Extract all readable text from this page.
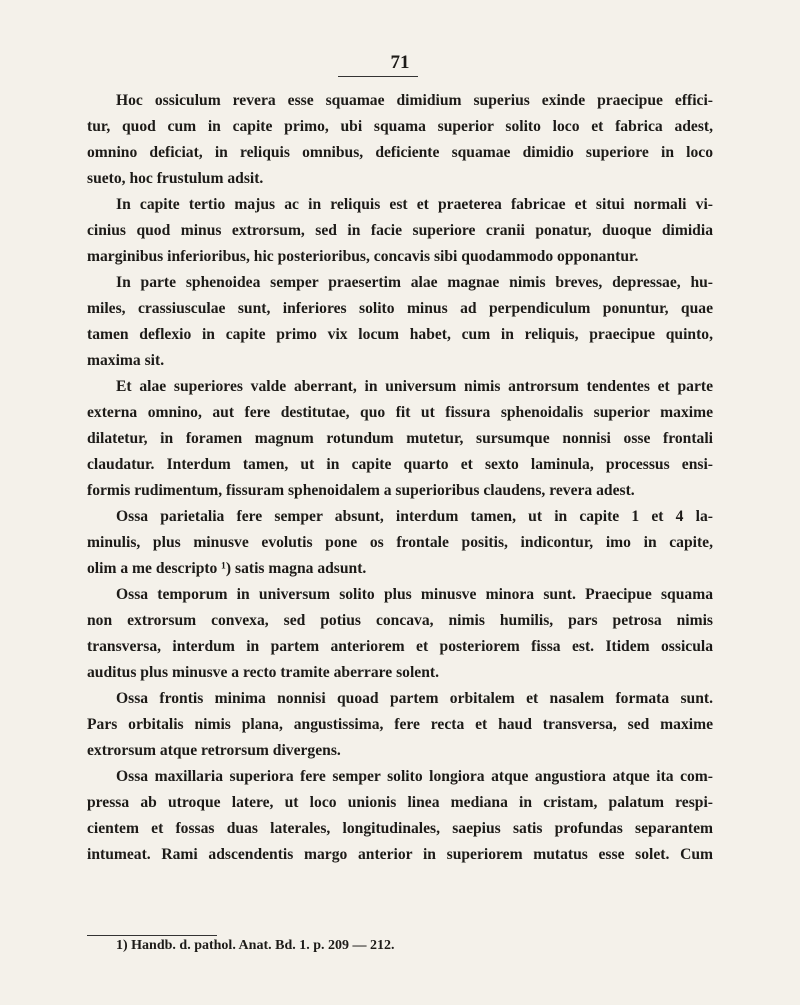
71

Hoc ossiculum revera esse squamae dimidium superius exinde praecipue effici-
tur, quod cum in capite primo, ubi squama superior solito loco et fabrica adest,
omnino deficiat, in reliquis omnibus, deficiente squamae dimidio superiore in loco
sueto, hoc frustulum adsit.

In capite tertio majus ac in reliquis est et praeterea fabricae et situi normali vi-
cinius quod minus extrorsum, sed in facie superiore cranii ponatur, duoque dimidia
marginibus inferioribus, hic posterioribus, concavis sibi quodammodo opponantur.

In parte sphenoidea semper praesertim alae magnae nimis breves, depressae, hu-
miles, crassiusculae sunt, inferiores solito minus ad perpendiculum ponuntur, quae
tamen deflexio in capite primo vix locum habet, cum in reliquis, praecipue quinto,
maxima sit.

Et alae superiores valde aberrant, in universum nimis antrorsum tendentes et parte
externa omnino, aut fere destitutae, quo fit ut fissura sphenoidalis superior maxime
dilatetur, in foramen magnum rotundum mutetur, sursumque nonnisi osse frontali
claudatur. Interdum tamen, ut in capite quarto et sexto laminula, processus ensi-
formis rudimentum, fissuram sphenoidalem a superioribus claudens, revera adest.

Ossa parietalia fere semper absunt, interdum tamen, ut in capite 1 et 4 la-
minulis, plus minusve evolutis pone os frontale positis, indicontur, imo in capite,
olim a me descripto ¹) satis magna adsunt.

Ossa temporum in universum solito plus minusve minora sunt. Praecipue squama
non extrorsum convexa, sed potius concava, nimis humilis, pars petrosa nimis
transversa, interdum in partem anteriorem et posteriorem fissa est. Itidem ossicula
auditus plus minusve a recto tramite aberrare solent.

Ossa frontis minima nonnisi quoad partem orbitalem et nasalem formata sunt.
Pars orbitalis nimis plana, angustissima, fere recta et haud transversa, sed maxime
extrorsum atque retrorsum divergens.

Ossa maxillaria superiora fere semper solito longiora atque angustiora atque ita com-
pressa ab utroque latere, ut loco unionis linea mediana in cristam, palatum respi-
cientem et fossas duas laterales, longitudinales, saepius satis profundas separantem
intumeat. Rami adscendentis margo anterior in superiorem mutatus esse solet. Cum

1) Handb. d. pathol. Anat. Bd. 1. p. 209 — 212.
